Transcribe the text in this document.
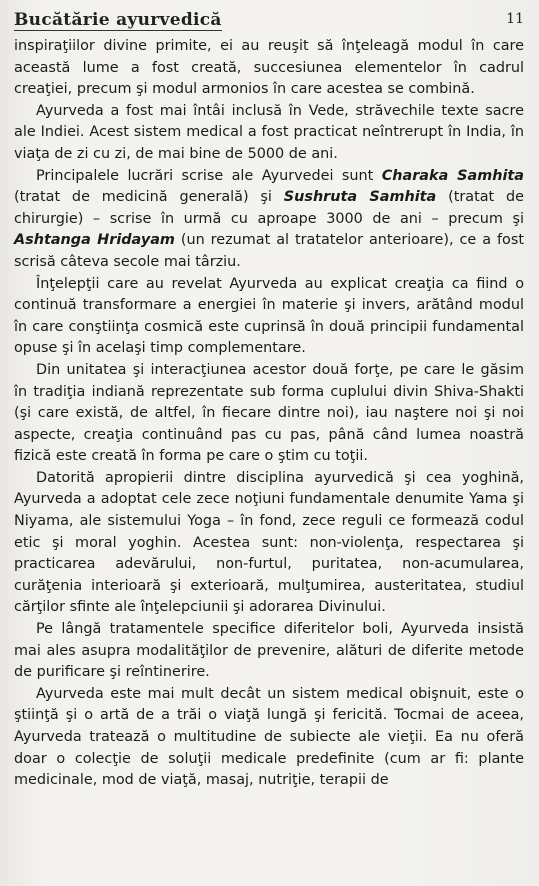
Bucătărie ayurvedică	11

inspiraţiilor divine primite, ei au reuşit să înţeleagă modul în care această lume a fost creată, succesiunea elementelor în cadrul creaţiei, precum şi modul armonios în care acestea se combină.

Ayurveda a fost mai întâi inclusă în Vede, străvechile texte sacre ale Indiei. Acest sistem medical a fost practicat neîntrerupt în India, în viaţa de zi cu zi, de mai bine de 5000 de ani.

Principalele lucrări scrise ale Ayurvedei sunt Charaka Samhita (tratat de medicină generală) şi Sushruta Samhita (tratat de chirurgie) – scrise în urmă cu aproape 3000 de ani – precum şi Ashtanga Hridayam (un rezumat al tratatelor anterioare), ce a fost scrisă câteva secole mai târziu.

Înţelepţii care au revelat Ayurveda au explicat creaţia ca fiind o continuă transformare a energiei în materie şi invers, arătând modul în care conştiinţa cosmică este cuprinsă în două principii fundamental opuse şi în acelaşi timp complementare.

Din unitatea şi interacţiunea acestor două forţe, pe care le găsim în tradiţia indiană reprezentate sub forma cuplului divin Shiva-Shakti (şi care există, de altfel, în fiecare dintre noi), iau naştere noi şi noi aspecte, creaţia continuând pas cu pas, până când lumea noastră fizică este creată în forma pe care o ştim cu toţii.

Datorită apropierii dintre disciplina ayurvedică şi cea yoghină, Ayurveda a adoptat cele zece noţiuni fundamentale denumite Yama şi Niyama, ale sistemului Yoga – în fond, zece reguli ce formează codul etic şi moral yoghin. Acestea sunt: non-violenţa, respectarea şi practicarea adevărului, non-furtul, puritatea, non-acumularea, curăţenia interioară şi exterioară, mulţumirea, austeritatea, studiul cărţilor sfinte ale înţelepciunii şi adorarea Divinului.

Pe lângă tratamentele specifice diferitelor boli, Ayurveda insistă mai ales asupra modalităţilor de prevenire, alături de diferite metode de purificare şi reîntinerire.

Ayurveda este mai mult decât un sistem medical obişnuit, este o ştiinţă şi o artă de a trăi o viaţă lungă şi fericită. Tocmai de aceea, Ayurveda tratează o multitudine de subiecte ale vieţii. Ea nu oferă doar o colecţie de soluţii medicale predefinite (cum ar fi: plante medicinale, mod de viaţă, masaj, nutriţie, terapii de
